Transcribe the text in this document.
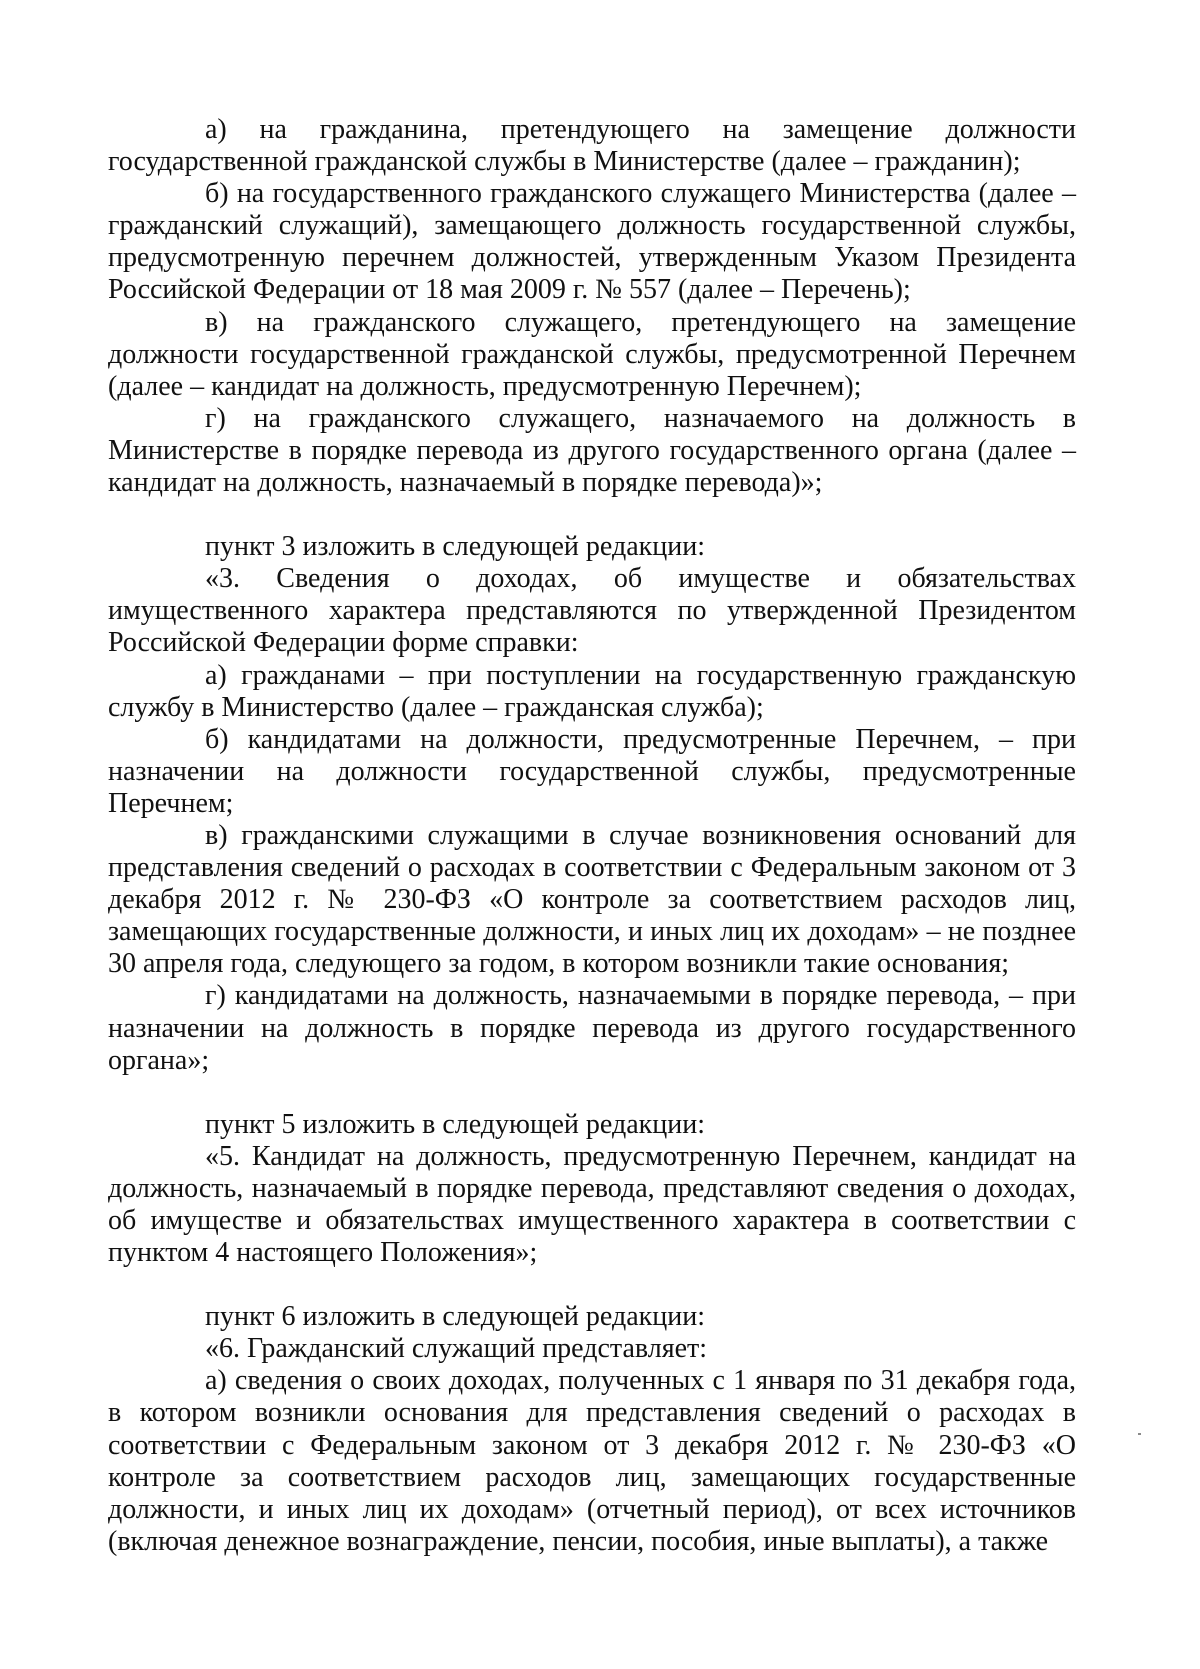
а) на гражданина, претендующего на замещение должности государственной гражданской службы в Министерстве (далее – гражданин);

б) на государственного гражданского служащего Министерства (далее – гражданский служащий), замещающего должность государственной службы, предусмотренную перечнем должностей, утвержденным Указом Президента Российской Федерации от 18 мая 2009 г. № 557 (далее – Перечень);

в) на гражданского служащего, претендующего на замещение должности государственной гражданской службы, предусмотренной Перечнем (далее – кандидат на должность, предусмотренную Перечнем);

г) на гражданского служащего, назначаемого на должность в Министерстве в порядке перевода из другого государственного органа (далее – кандидат на должность, назначаемый в порядке перевода)»;

пункт 3 изложить в следующей редакции:

«3. Сведения о доходах, об имуществе и обязательствах имущественного характера представляются по утвержденной Президентом Российской Федерации форме справки:

а) гражданами – при поступлении на государственную гражданскую службу в Министерство (далее – гражданская служба);

б) кандидатами на должности, предусмотренные Перечнем, – при назначении на должности государственной службы, предусмотренные Перечнем;

в) гражданскими служащими в случае возникновения оснований для представления сведений о расходах в соответствии с Федеральным законом от 3 декабря 2012 г. № 230-ФЗ «О контроле за соответствием расходов лиц, замещающих государственные должности, и иных лиц их доходам» – не позднее 30 апреля года, следующего за годом, в котором возникли такие основания;

г) кандидатами на должность, назначаемыми в порядке перевода, – при назначении на должность в порядке перевода из другого государственного органа»;

пункт 5 изложить в следующей редакции:

«5. Кандидат на должность, предусмотренную Перечнем, кандидат на должность, назначаемый в порядке перевода, представляют сведения о доходах, об имуществе и обязательствах имущественного характера в соответствии с пунктом 4 настоящего Положения»;

пункт 6 изложить в следующей редакции:

«6. Гражданский служащий представляет:

а) сведения о своих доходах, полученных с 1 января по 31 декабря года, в котором возникли основания для представления сведений о расходах в соответствии с Федеральным законом от 3 декабря 2012 г. № 230-ФЗ «О контроле за соответствием расходов лиц, замещающих государственные должности, и иных лиц их доходам» (отчетный период), от всех источников (включая денежное вознаграждение, пенсии, пособия, иные выплаты), а также
